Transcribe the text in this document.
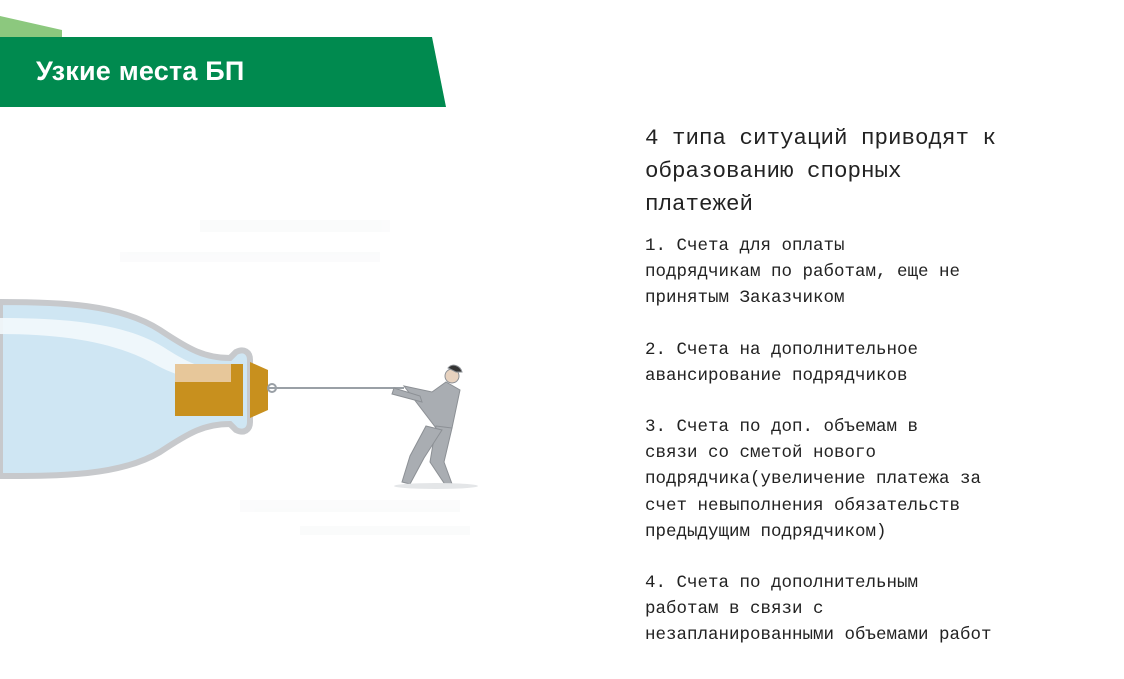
Узкие места БП
4 типа ситуаций приводят к
образованию спорных
платежей
1. Счета для оплаты
подрядчикам по работам, еще не
принятым Заказчиком
2. Счета на дополнительное
авансирование подрядчиков
3. Счета по доп. объемам в
связи со сметой нового
подрядчика(увеличение платежа за
счет невыполнения обязательств
предыдущим подрядчиком)
4. Счета по дополнительным
работам в связи с
незапланированными объемами работ
